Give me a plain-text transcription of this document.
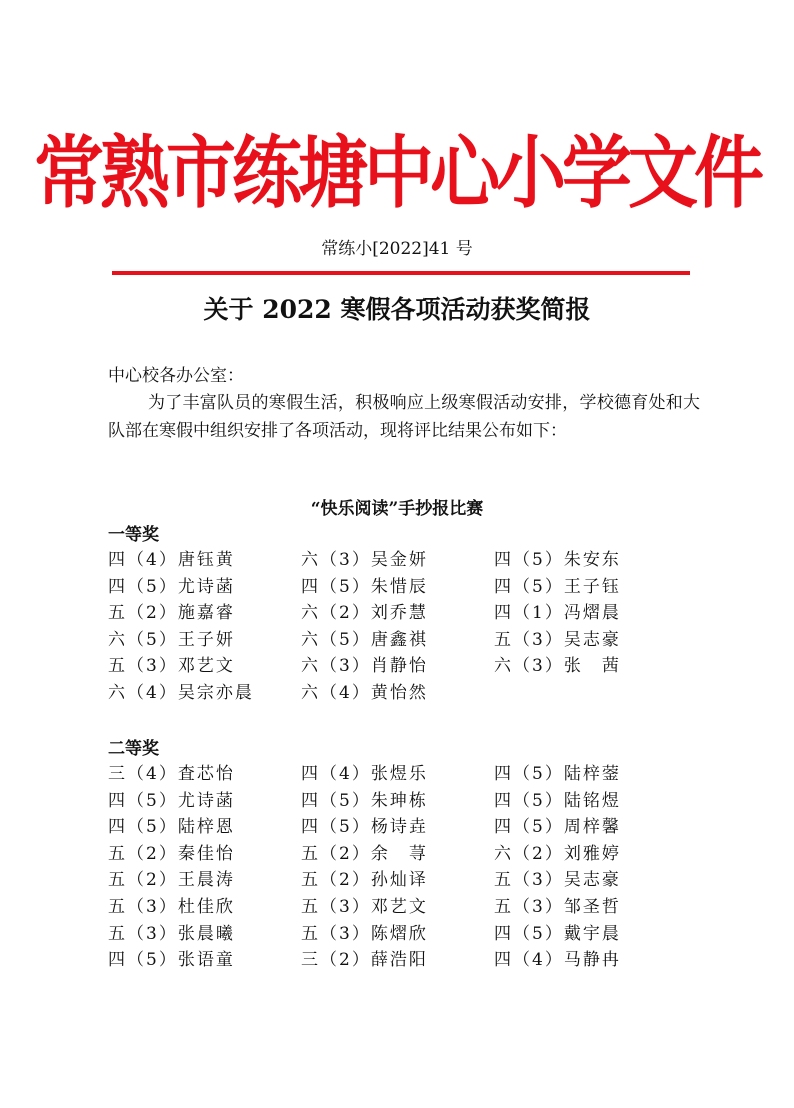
常熟市练塘中心小学文件
常练小[2022]41 号
关于 2022 寒假各项活动获奖简报
中心校各办公室：

为了丰富队员的寒假生活，积极响应上级寒假活动安排，学校德育处和大队部在寒假中组织安排了各项活动，现将评比结果公布如下：

“快乐阅读”手抄报比赛
一等奖
四（4）唐钰黄	六（3）吴金妍	四（5）朱安东
四（5）尤诗菡	四（5）朱惜辰	四（5）王子钰
五（2）施嘉睿	六（2）刘乔慧	四（1）冯熠晨
六（5）王子妍	六（5）唐鑫祺	五（3）吴志豪
五（3）邓艺文	六（3）肖静怡	六（3）张　茜
六（4）吴宗亦晨	六（4）黄怡然
二等奖
三（4）査芯怡	四（4）张煜乐	四（5）陆梓蓥
四（5）尤诗菡	四（5）朱珅栋	四（5）陆铭煜
四（5）陆梓恩	四（5）杨诗垚	四（5）周梓馨
五（2）秦佳怡	五（2）余　荨	六（2）刘雅婷
五（2）王晨涛	五（2）孙灿译	五（3）吴志豪
五（3）杜佳欣	五（3）邓艺文	五（3）邹圣哲
五（3）张晨曦	五（3）陈熠欣	四（5）戴宇晨
四（5）张语童	三（2）薛浩阳	四（4）马静冉
